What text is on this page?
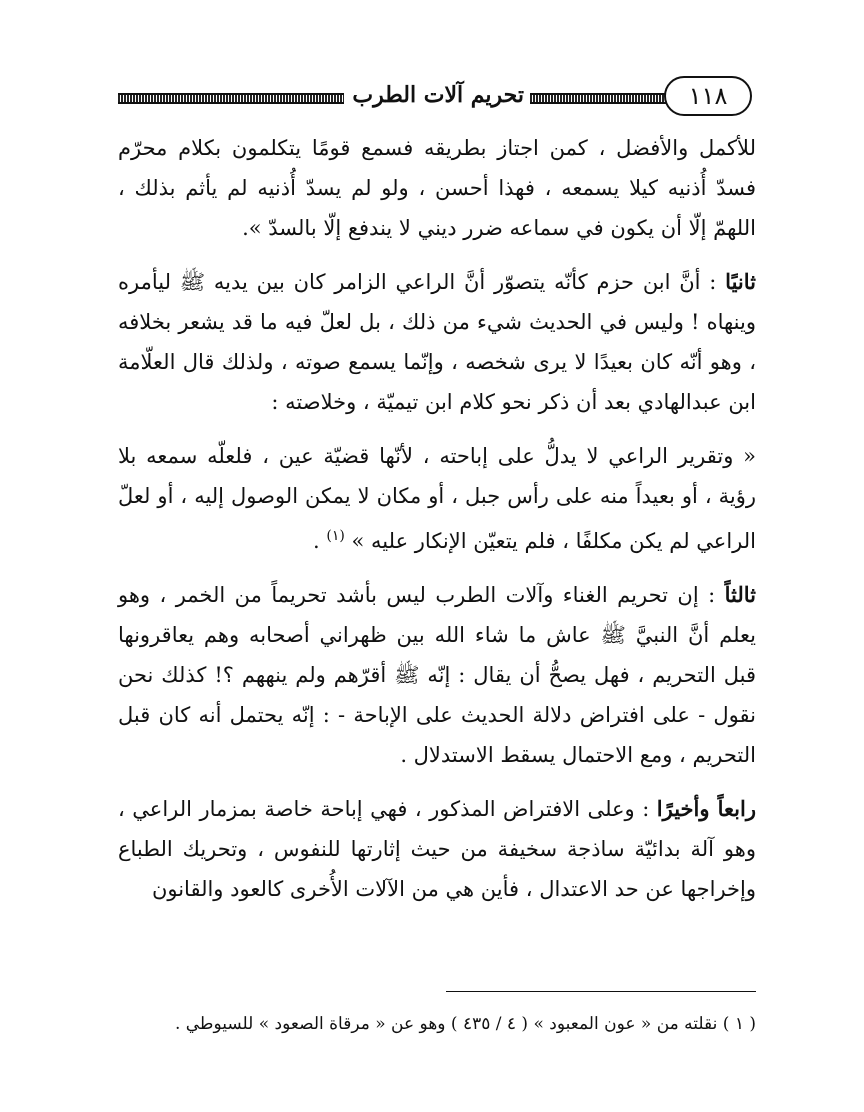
تحريم آلات الطرب	١١٨

للأكمل والأفضل ، كمن اجتاز بطريقه فسمع قومًا يتكلمون بكلام محرّم فسدّ أُذنيه كيلا يسمعه ، فهذا أحسن ، ولو لم يسدّ أُذنيه لم يأثم بذلك ، اللهمّ إلّا أن يكون في سماعه ضرر ديني لا يندفع إلّا بالسدّ ».

ثانيًا : أنَّ ابن حزم كأنّه يتصوّر أنَّ الراعي الزامر كان بين يديه ﷺ ليأمره وينهاه ! وليس في الحديث شيء من ذلك ، بل لعلّ فيه ما قد يشعر بخلافه ، وهو أنّه كان بعيدًا لا يرى شخصه ، وإنّما يسمع صوته ، ولذلك قال العلّامة ابن عبدالهادي بعد أن ذكر نحو كلام ابن تيميّة ، وخلاصته :

« وتقرير الراعي لا يدلُّ على إباحته ، لأنّها قضيّة عين ، فلعلّه سمعه بلا رؤية ، أو بعيداً منه على رأس جبل ، أو مكان لا يمكن الوصول إليه ، أو لعلّ الراعي لم يكن مكلفًا ، فلم يتعيّن الإنكار عليه » $^{(١)}$ .

ثالثاً : إن تحريم الغناء وآلات الطرب ليس بأشد تحريماً من الخمر ، وهو يعلم أنَّ النبيَّ ﷺ عاش ما شاء الله بين ظهراني أصحابه وهم يعاقرونها قبل التحريم ، فهل يصحُّ أن يقال : إنّه ﷺ أقرّهم ولم ينههم ؟! كذلك نحن نقول - على افتراض دلالة الحديث على الإباحة - : إنّه يحتمل أنه كان قبل التحريم ، ومع الاحتمال يسقط الاستدلال .

رابعاً وأخيرًا : وعلى الافتراض المذكور ، فهي إباحة خاصة بمزمار الراعي ، وهو آلة بدائيّة ساذجة سخيفة من حيث إثارتها للنفوس ، وتحريك الطباع وإخراجها عن حد الاعتدال ، فأين هي من الآلات الأُخرى كالعود والقانون

( ١ ) نقلته من « عون المعبود » ( ٤ / ٤٣٥ ) وهو عن « مرقاة الصعود » للسيوطي .
